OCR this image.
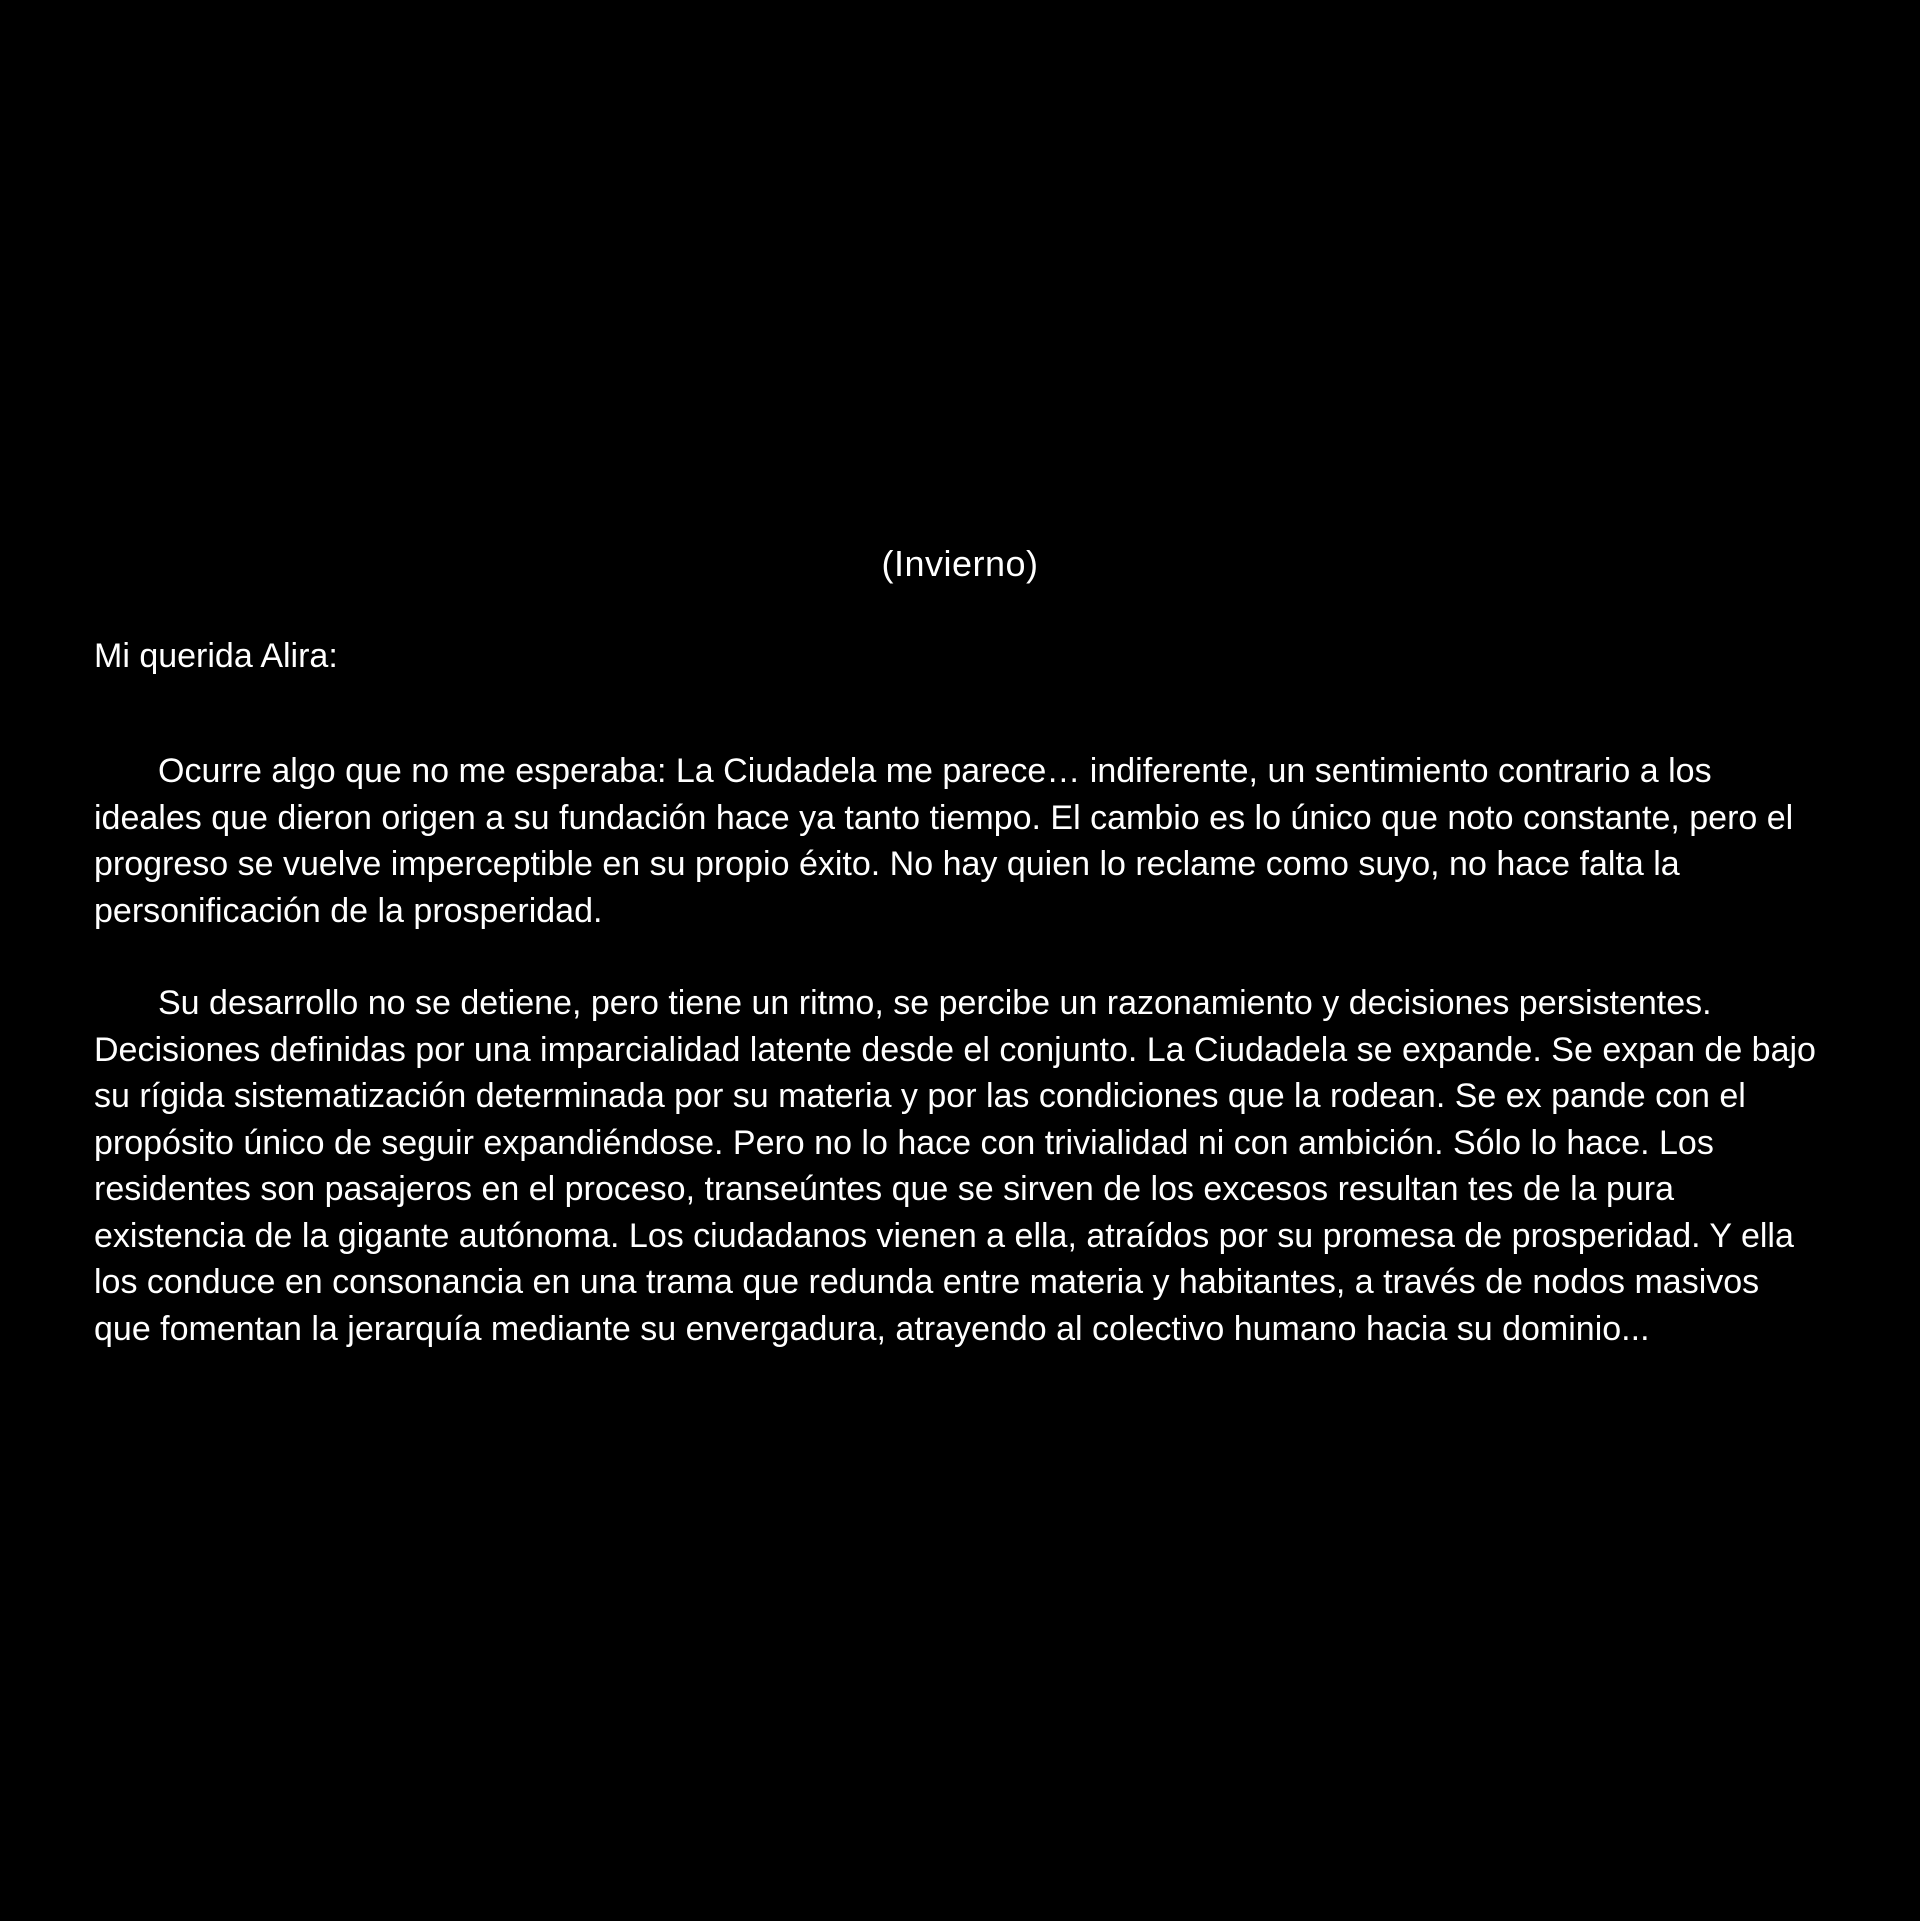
(Invierno)

Mi querida Alira:

Ocurre algo que no me esperaba: La Ciudadela me parece… indiferente, un sentimiento contrario a los ideales que dieron origen a su fundación hace ya tanto tiempo. El cambio es lo único que noto constante, pero el progreso se vuelve imperceptible en su propio éxito. No hay quien lo reclame como suyo, no hace falta la personificación de la prosperidad.

Su desarrollo no se detiene, pero tiene un ritmo, se percibe un razonamiento y decisiones persistentes. Decisiones definidas por una imparcialidad latente desde el conjunto. La Ciudadela se expande. Se expan de bajo su rígida sistematización determinada por su materia y por las condiciones que la rodean. Se ex pande con el propósito único de seguir expandiéndose. Pero no lo hace con trivialidad ni con ambición. Sólo lo hace. Los residentes son pasajeros en el proceso, transeúntes que se sirven de los excesos resultan tes de la pura existencia de la gigante autónoma. Los ciudadanos vienen a ella, atraídos por su promesa de prosperidad. Y ella los conduce en consonancia en una trama que redunda entre materia y habitantes, a través de nodos masivos que fomentan la jerarquía mediante su envergadura, atrayendo al colectivo humano hacia su dominio...
